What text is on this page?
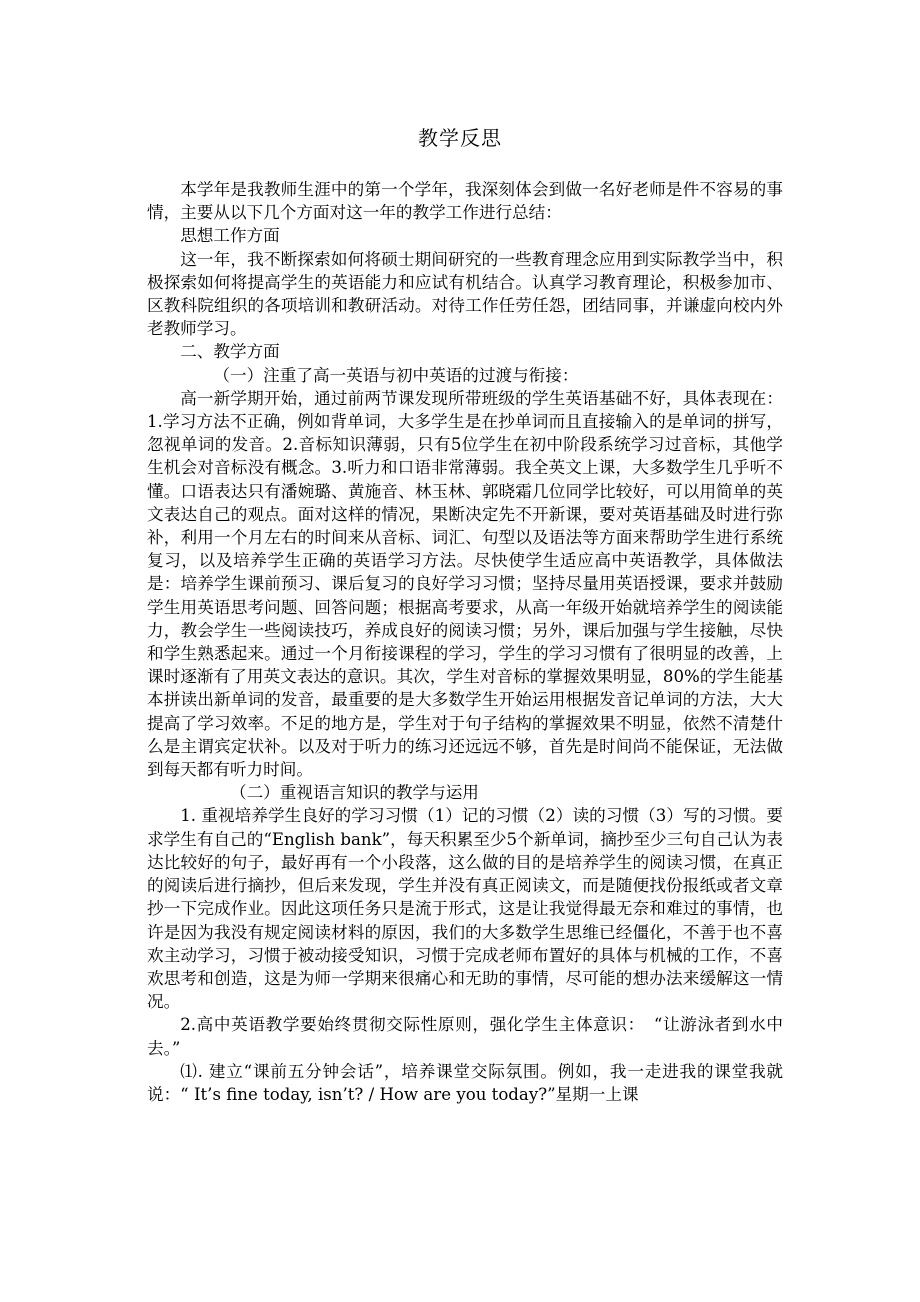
教学反思

本学年是我教师生涯中的第一个学年，我深刻体会到做一名好老师是件不容易的事情，主要从以下几个方面对这一年的教学工作进行总结：

思想工作方面

这一年，我不断探索如何将硕士期间研究的一些教育理念应用到实际教学当中，积极探索如何将提高学生的英语能力和应试有机结合。认真学习教育理论，积极参加市、区教科院组织的各项培训和教研活动。对待工作任劳任怨，团结同事，并谦虚向校内外老教师学习。

二、教学方面

（一）注重了高一英语与初中英语的过渡与衔接：

高一新学期开始，通过前两节课发现所带班级的学生英语基础不好，具体表现在：1.学习方法不正确，例如背单词，大多学生是在抄单词而且直接输入的是单词的拼写，忽视单词的发音。2.音标知识薄弱，只有5位学生在初中阶段系统学习过音标，其他学生机会对音标没有概念。3.听力和口语非常薄弱。我全英文上课，大多数学生几乎听不懂。口语表达只有潘婉璐、黄施音、林玉林、郭晓霜几位同学比较好，可以用简单的英文表达自己的观点。面对这样的情况，果断决定先不开新课，要对英语基础及时进行弥补，利用一个月左右的时间来从音标、词汇、句型以及语法等方面来帮助学生进行系统复习，以及培养学生正确的英语学习方法。尽快使学生适应高中英语教学，具体做法是：培养学生课前预习、课后复习的良好学习习惯；坚持尽量用英语授课，要求并鼓励学生用英语思考问题、回答问题；根据高考要求，从高一年级开始就培养学生的阅读能力，教会学生一些阅读技巧，养成良好的阅读习惯；另外，课后加强与学生接触，尽快和学生熟悉起来。通过一个月衔接课程的学习，学生的学习习惯有了很明显的改善，上课时逐渐有了用英文表达的意识。其次，学生对音标的掌握效果明显，80%的学生能基本拼读出新单词的发音，最重要的是大多数学生开始运用根据发音记单词的方法，大大提高了学习效率。不足的地方是，学生对于句子结构的掌握效果不明显，依然不清楚什么是主谓宾定状补。以及对于听力的练习还远远不够，首先是时间尚不能保证，无法做到每天都有听力时间。

（二）重视语言知识的教学与运用

1. 重视培养学生良好的学习习惯（1）记的习惯（2）读的习惯（3）写的习惯。要求学生有自己的“English bank”，每天积累至少5个新单词，摘抄至少三句自己认为表达比较好的句子，最好再有一个小段落，这么做的目的是培养学生的阅读习惯，在真正的阅读后进行摘抄，但后来发现，学生并没有真正阅读文，而是随便找份报纸或者文章抄一下完成作业。因此这项任务只是流于形式，这是让我觉得最无奈和难过的事情，也许是因为我没有规定阅读材料的原因，我们的大多数学生思维已经僵化，不善于也不喜欢主动学习，习惯于被动接受知识，习惯于完成老师布置好的具体与机械的工作，不喜欢思考和创造，这是为师一学期来很痛心和无助的事情，尽可能的想办法来缓解这一情况。

2.高中英语教学要始终贯彻交际性原则，强化学生主体意识：　“让游泳者到水中去。”

⑴. 建立“课前五分钟会话”，培养课堂交际氛围。例如，我一走进我的课堂我就说：“ It’s fine today, isn’t? / How are you today?”星期一上课
